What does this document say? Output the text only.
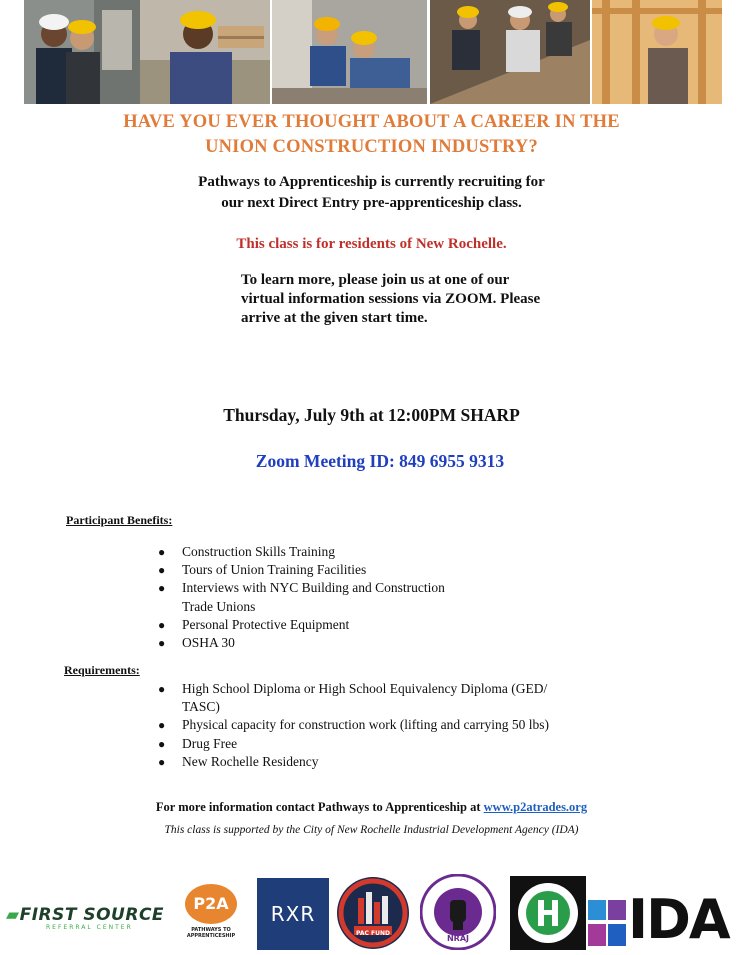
HAVE YOU EVER THOUGHT ABOUT A CAREER IN THE
UNION CONSTRUCTION INDUSTRY?
Pathways to Apprenticeship is currently recruiting for
our next Direct Entry pre-apprenticeship class.
This class is for residents of New Rochelle.
To learn more, please join us at one of our
virtual information sessions via ZOOM. Please
arrive at the given start time.
Thursday, July 9th at 12:00PM SHARP
Zoom Meeting ID: 849 6955 9313
Participant Benefits:
● Construction Skills Training
● Tours of Union Training Facilities
● Interviews with NYC Building and Construction
Trade Unions
● Personal Protective Equipment
● OSHA 30
Requirements:
● High School Diploma or High School Equivalency Diploma (GED/
TASC)
● Physical capacity for construction work (lifting and carrying 50 lbs)
● Drug Free
● New Rochelle Residency
For more information contact Pathways to Apprenticeship at www.p2atrades.org
This class is supported by the City of New Rochelle Industrial Development Agency (IDA)
▰FIRST SOURCE
REFERRAL CENTER
P2A
PATHWAYS TO
APPRENTICESHIP
RXR
PAC FUND
NRAJ	IDA
